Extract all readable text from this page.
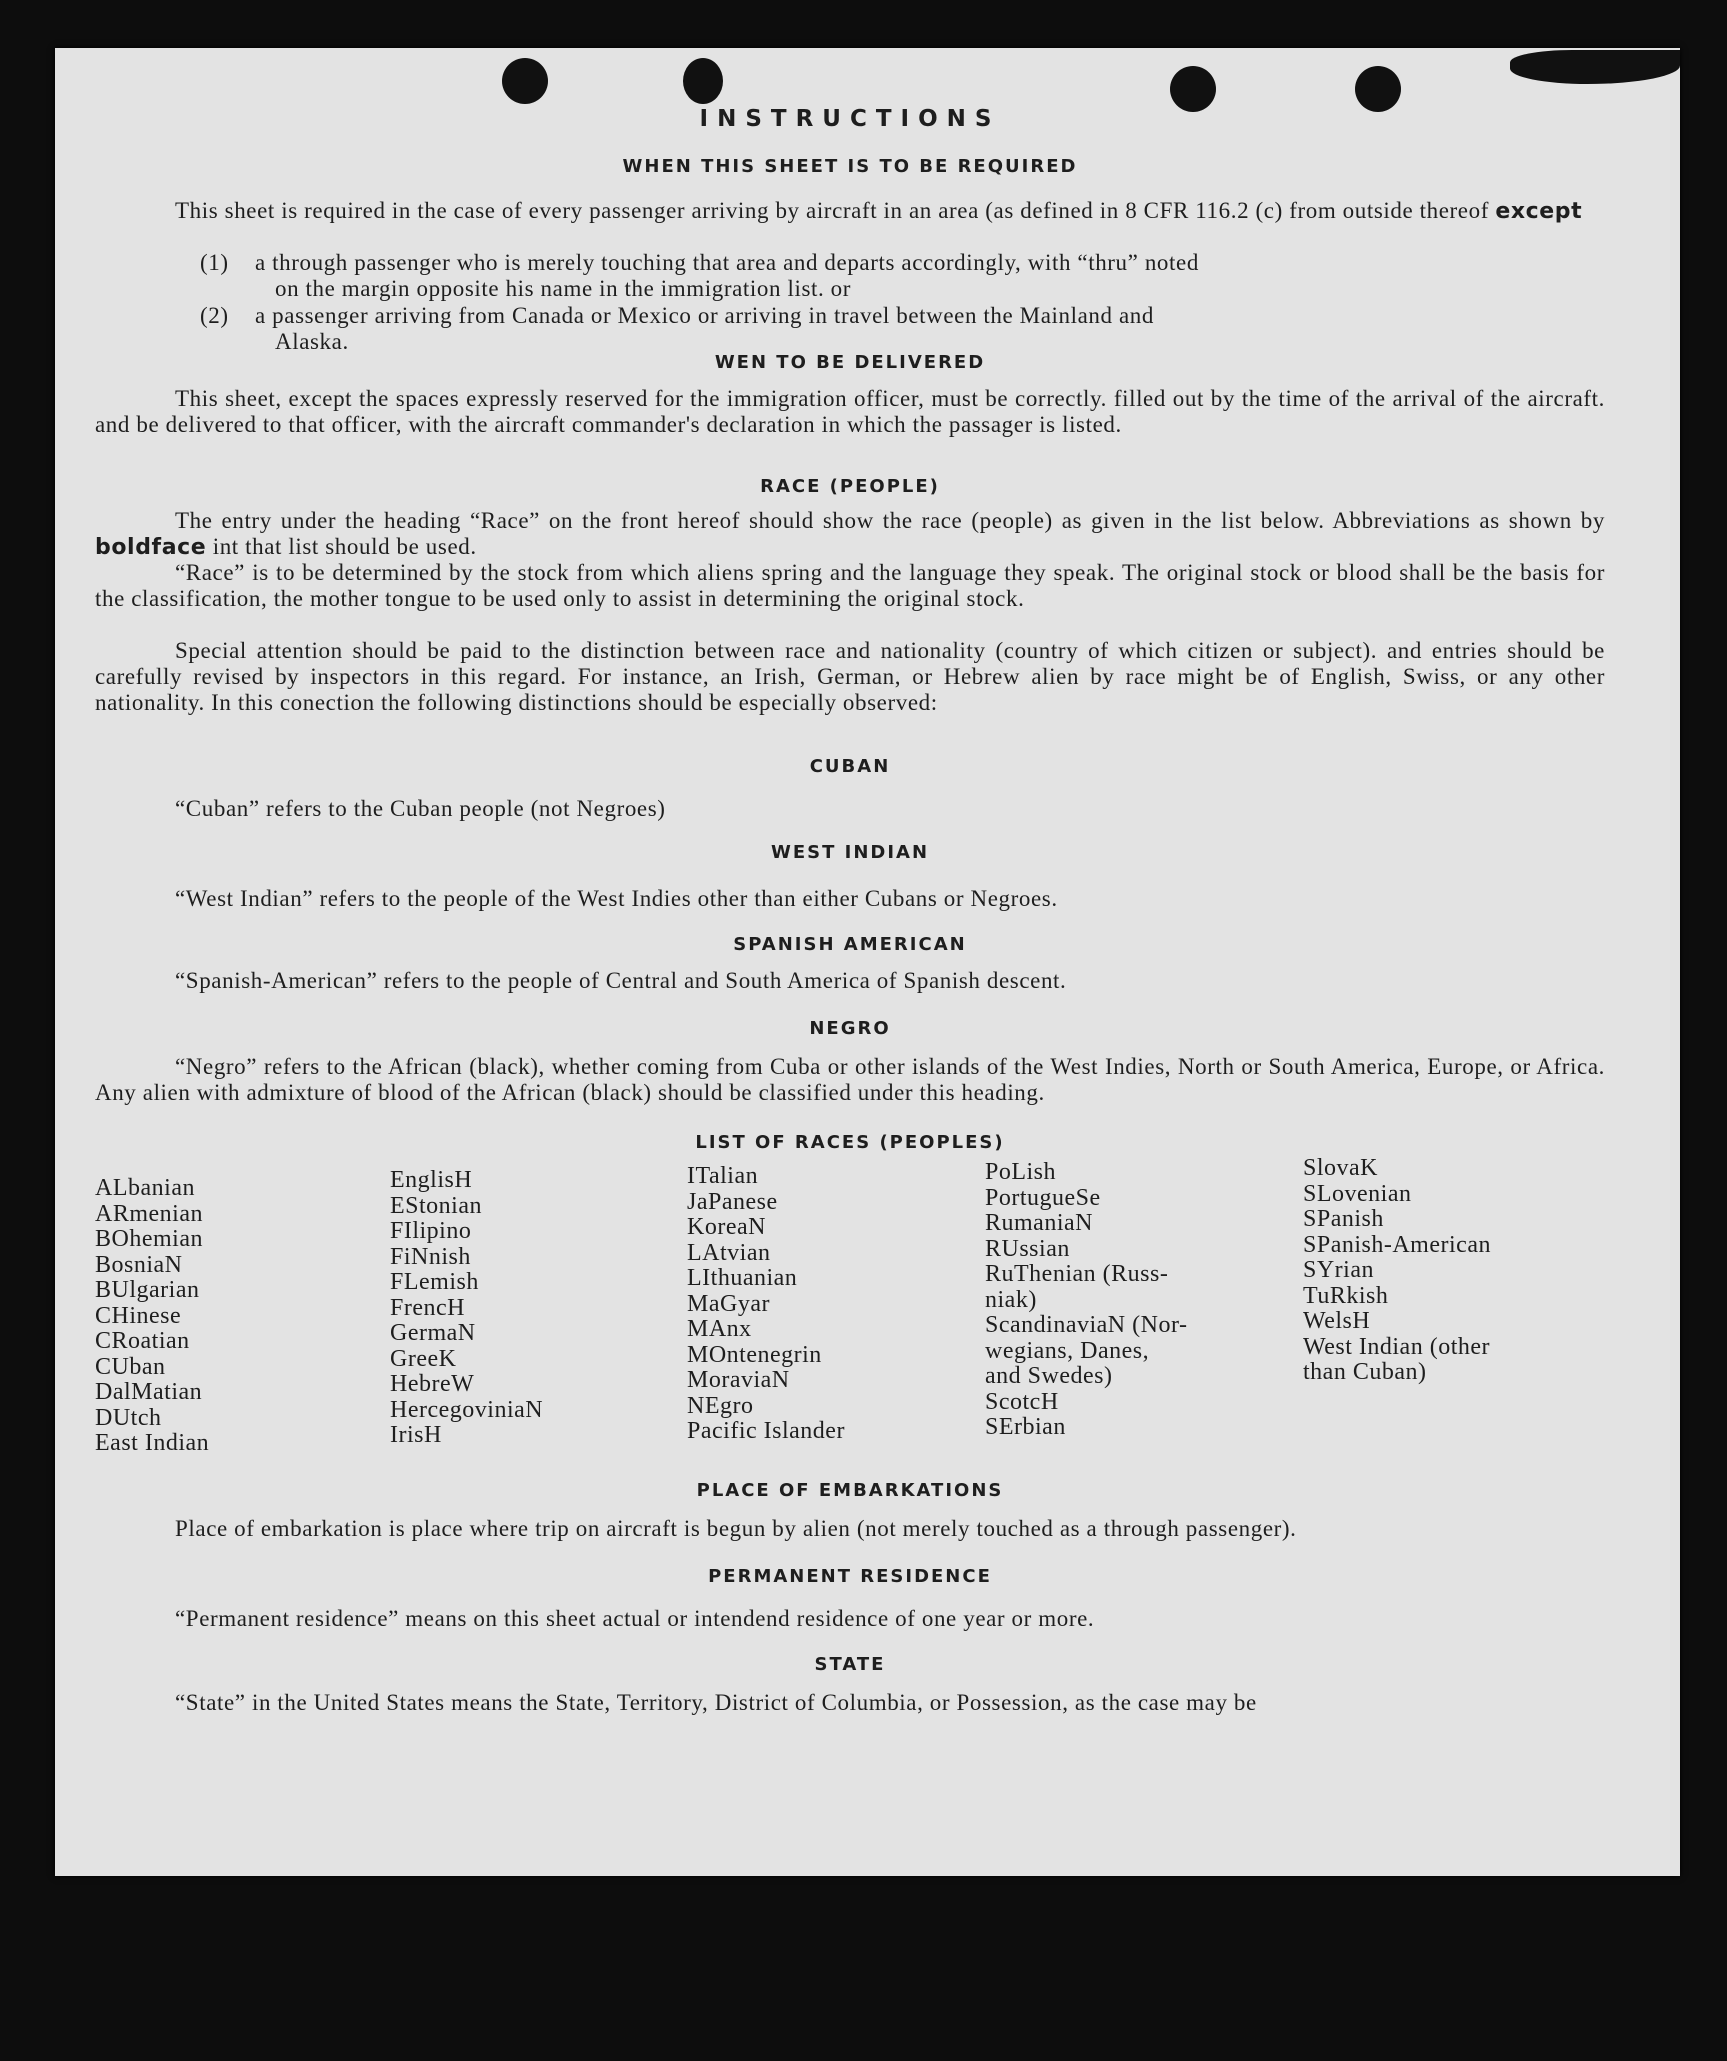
INSTRUCTIONS
WHEN THIS SHEET IS TO BE REQUIRED
This sheet is required in the case of every passenger arriving by aircraft in an area (as defined in 8 CFR 116.2 (c) from outside thereof except
(1) a through passenger who is merely touching that area and departs accordingly, with “thru” noted
on the margin opposite his name in the immigration list. or
(2) a passenger arriving from Canada or Mexico or arriving in travel between the Mainland and
Alaska.
WEN TO BE DELIVERED
This sheet, except the spaces expressly reserved for the immigration officer, must be correctly. filled out by the time of the arrival of the aircraft. and be delivered to that officer, with the aircraft commander's declaration in which the passager is listed.
RACE (PEOPLE)
The entry under the heading “Race” on the front hereof should show the race (people) as given in the list below. Abbreviations as shown by boldface int that list should be used.
“Race” is to be determined by the stock from which aliens spring and the language they speak. The original stock or blood shall be the basis for the classification, the mother tongue to be used only to assist in determining the original stock.
Special attention should be paid to the distinction between race and nationality (country of which citizen or subject). and entries should be carefully revised by inspectors in this regard. For instance, an Irish, German, or Hebrew alien by race might be of English, Swiss, or any other nationality. In this conection the following distinctions should be especially observed:
CUBAN
“Cuban” refers to the Cuban people (not Negroes)
WEST INDIAN
“West Indian” refers to the people of the West Indies other than either Cubans or Negroes.
SPANISH AMERICAN
“Spanish-American” refers to the people of Central and South America of Spanish descent.
NEGRO
“Negro” refers to the African (black), whether coming from Cuba or other islands of the West Indies, North or South America, Europe, or Africa. Any alien with admixture of blood of the African (black) should be classified under this heading.
LIST OF RACES (PEOPLES)
ALbanian
ARmenian
BOhemian
BosniaN
BUlgarian
CHinese
CRoatian
CUban
DalMatian
DUtch
East Indian
EnglisH
EStonian
FIlipino
FiNnish
FLemish
FrencH
GermaN
GreeK
HebreW
HercegoviniaN
IrisH
ITalian
JaPanese
KoreaN
LAtvian
LIthuanian
MaGyar
MAnx
MOntenegrin
MoraviaN
NEgro
Pacific Islander
PoLish
PortugueSe
RumaniaN
RUssian
RuThenian (Russ-
niak)
ScandinaviaN (Nor-
wegians, Danes,
and Swedes)
ScotcH
SErbian
SlovaK
SLovenian
SPanish
SPanish-American
SYrian
TuRkish
WelsH
West Indian (other
than Cuban)
PLACE OF EMBARKATIONS
Place of embarkation is place where trip on aircraft is begun by alien (not merely touched as a through passenger).
PERMANENT RESIDENCE
“Permanent residence” means on this sheet actual or intendend residence of one year or more.
STATE
“State” in the United States means the State, Territory, District of Columbia, or Possession, as the case may be
